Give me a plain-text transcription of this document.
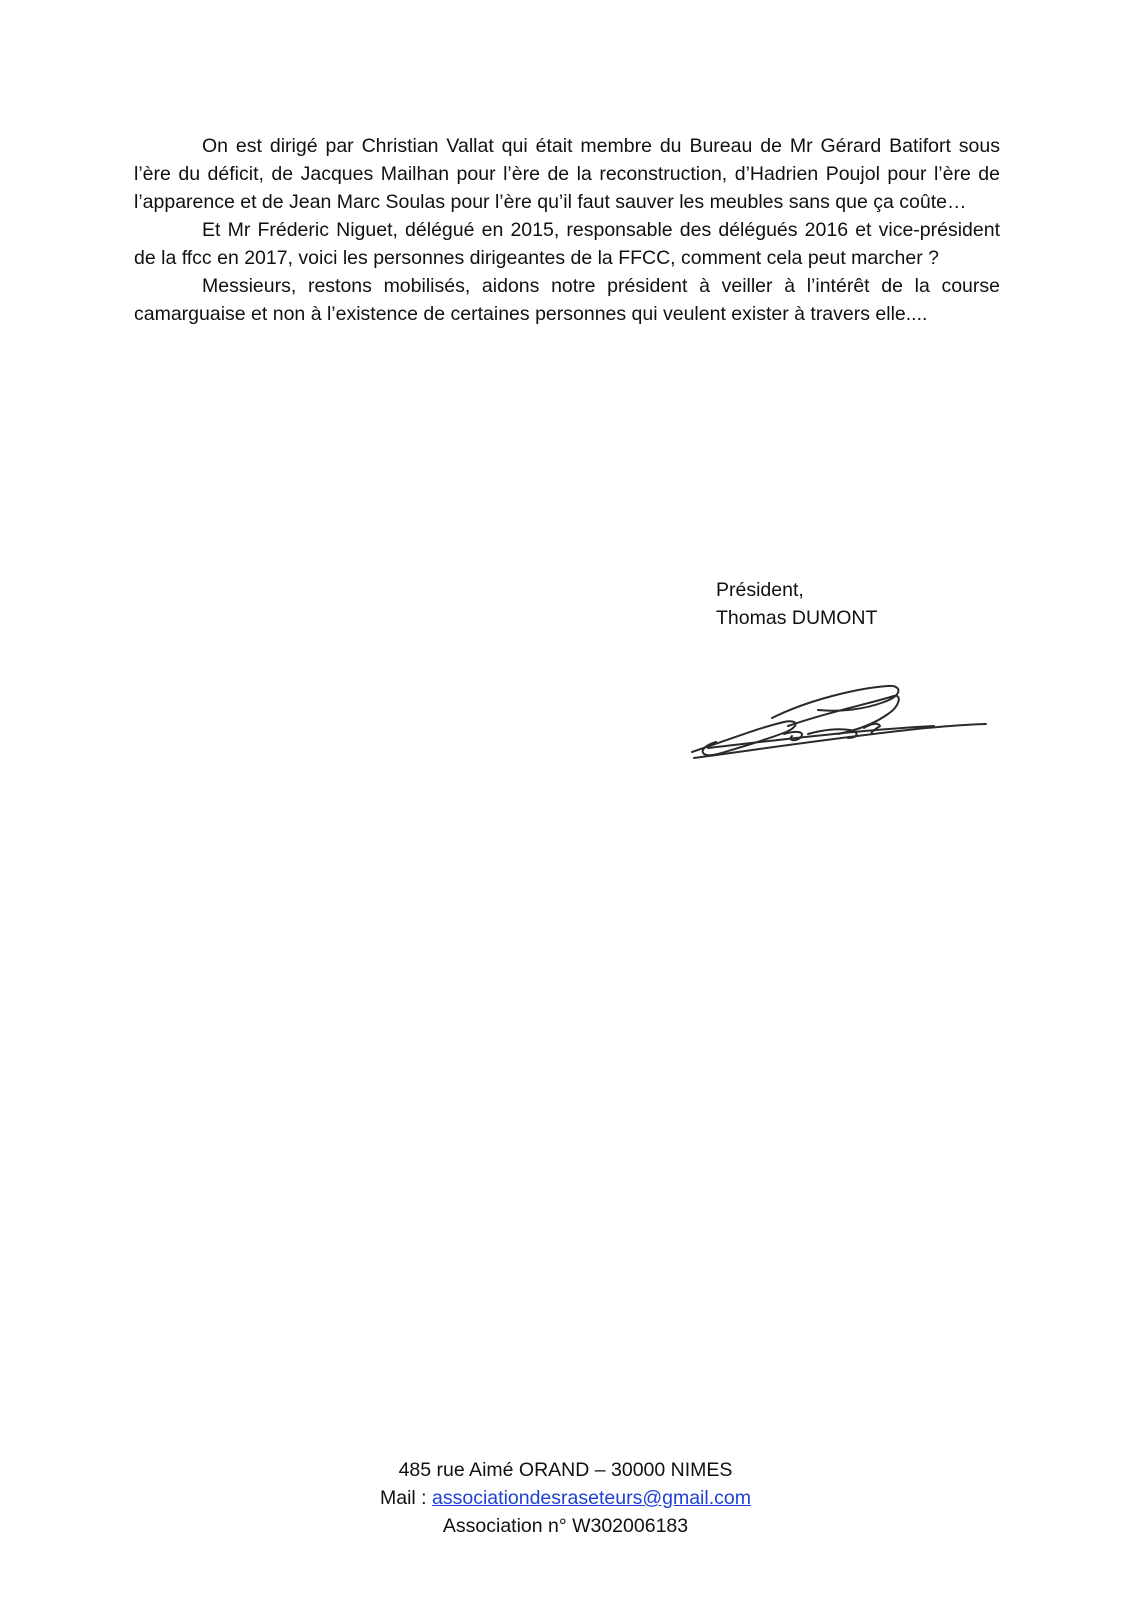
On est dirigé par Christian Vallat qui était membre du Bureau de Mr Gérard Batifort sous l’ère du déficit, de Jacques Mailhan pour l’ère de la reconstruction, d’Hadrien Poujol pour l’ère de l’apparence et de Jean Marc Soulas pour l’ère qu’il faut sauver les meubles sans que ça coûte…

Et Mr Fréderic Niguet, délégué en 2015, responsable des délégués 2016 et vice-président de la ffcc en 2017, voici les personnes dirigeantes de la FFCC, comment cela peut marcher ?

Messieurs, restons mobilisés, aidons notre président à veiller à l’intérêt de la course camarguaise et non à l’existence de certaines personnes qui veulent exister à travers elle....

Président,
Thomas DUMONT
485 rue Aimé ORAND – 30000 NIMES
Mail : associationdesraseteurs@gmail.com
Association n° W302006183
